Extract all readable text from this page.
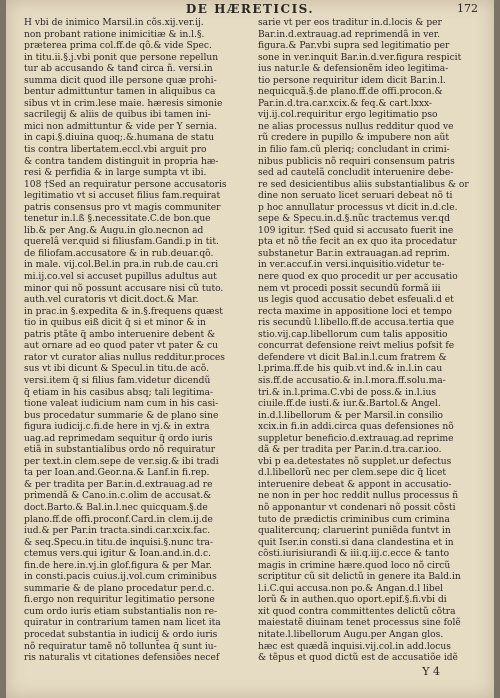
DE HÆRETICIS.	172
H vbi de inimico Marsil.in cõs.xij.ver.ij.
non probant ratione inimicitiæ & in.l.§.
præterea prima col.ff.de qõ.& vide Spec.
in titu.ii.§.j.vbi ponit que persone repellun
tur ab accusando & tanđ circa ñ. versi.in
summa dicit quod ille persone quæ prohi-
bentur admittuntur tamen in aliquibus ca
sibus vt in crim.lese maie. hæresis simonie
sacrilegij & aliis de quibus ibi tamen ini-
mici non admittuntur & vide per Y sernia.
in capi.§.diuina quoq;.&.humana de statu
tis contra libertatem.eccl.vbi arguit pro
& contra tandem distinguit in propria hæ-
resi & perfidia & in large sumpta vt ibi.
108 †Sed an requiratur persone accusatoris
legitimatio vt si accuset filius fam.requirat
patris consensus pro vt magis communiter
tenetur in.l.ß §.necessitate.C.de bon.que
lib.& per Ang.& Augu.in glo.necnon ad
querelâ ver.quid si filiusfam.Gandi.p in tit.
de filiofam.accusatore & in rub.deuar.qõ.
in male. vij.col.Bel.in pra.in rub.de cau.cri
mi.ij.co.vel si accuset pupillus adultus aut
minor qui nõ possunt accusare nisi cũ tuto.
auth.vel curatoris vt dicit.doct.& Mar.
in prac.in §.expedita & in.§.frequens quæst
tio in quibus eiß dicit q̃ si et minor & in
patris ptãte q̃ ambo interuenire debent &
aut ornare ad eo quod pater vt pater & cu
rator vt curator alias nullus redditur.proces
sus vt ibi dicunt & Specul.in titu.de acõ.
versi.item q̃ si filius fam.videtur dicendũ
q̃ etiam in his casibus absq; tali legitima-
tione valeat iudicium nam cum in his casi-
bus procedatur summarie & de plano sine
figura iudicij.c.fi.de here in vj.& in extra
uag.ad reprimedam sequitur q̃ ordo iuris
etiã in substantialibus ordo nõ requiratur
per text.in clem.sepe de ver.sig.& ibi tradi
ta per Ioan.and.Geor.na.& Lanf.in fi.rep.
& per tradita per Bar.in.d.extrauag.ad re
primendã & Cano.in.c.olim de accusat.&
doct.Barto.& Bal.in.l.nec quicquam.§.de
plano.ff.de offi.proconf.Card.in clem.ij.de
iud.& per Par.in tracta.sindi.car.xcix.fac.
& seq.Specu.in titu.de inquisi.§.nunc tra-
ctemus vers.qui igitur & Ioan.and.in.d.c.
fin.de here.in.vj.in glof.figura & per Mar.
in consti.pacis cuius.ij.vol.cum criminibus
summarie & de plano procedatur per.d.c.
fi.ergo non requiritur legitimatio persone
cum ordo iuris etiam substantialis non re-
quiratur in contrarium tamen nam licet ita
procedat substantia in iudicij & ordo iuris
nõ requiratur tamẽ nõ tollunt̃ea q̃ sunt iu-
ris naturalis vt citationes defensiões necef
sarie vt per eos traditur in.d.locis & per
Bar.in.d.extrauag.ad reprimendã in ver.
figura.& Par.vbi supra sed legitimatio per
sone in ver.inquit Bar.in.d.ver.figura respicit
ius natur.le & defensionẽm ideo legitima-
tio persone requiritur idem dicit Bar.in.l.
nequicquã.§.de plano.ff.de offi.procon.&
Par.in.d.tra.car.xcix.& feq.& cart.lxxx-
vij.ij.col.requiritur ergo legitimatio pso
ne alias processus nullus redditur quod ve
rũ credere in pupillo & impubere non aũt
in filio fam.cũ pleriq; concludant in crimi-
nibus publicis nõ requiri consensum patris
sed ad cautelã concludit interuenire debe-
re sed desicientibus aliis substantialibus & or
dine non seruato licet seruari debeat nõ ti
p hoc annullatur processus vt dicit in.d.cle.
sepe & Specu.in.d.§.nũc tractemus ver.qd
109 igitur. †Sed quid si accusato fuerit ine
pta et nõ tñe fecit an ex quo ita procedatur
substanetur Bar.in extrauagan.ad reprim.
in ver.accuf.in versi.inquisitio.videtur te-
nere quod ex quo procedit ur per accusatio
nem vt procedi possit secundũ formã iii
us legis quod accusatio debet esfeuali.d et
recta maxime in appositione loci et tempo
ris secundũ l.libello.ff.de accusa.tertia que
stio.vij.cap.libellorum cum talis appositio
concurrat defensione reivt melius pofsit fe
defendere vt dicit Bal.in.l.cum fratrem &
l.prima.ff.de his quib.vt ind.& in.l.in cau
sis.ff.de accusatio.& in.l.mora.ff.solu.ma-
tri.& in.l.prima.C.vbi de poss.& in.l.ius
ciuile.ff.de iusti.& iur.&.Bartol.& Angel.
in.d.l.libellorum & per Marsil.in consilio
xcix.in fi.in addi.circa quas defensiones nõ
suppletur beneficio.d.extrauag.ad reprime
dã & per tradita per Par.in.d.tra.car.ioo.
vbi p ea.detestates nõ supplet.ur defectus
d.l.libellorũ nec per clem.sepe dic q̃ licet
interuenire debeat & appont in accusatio-
ne non in per hoc reddit nullus processus ñ
nõ apponantur vt condenari nõ possit cõsti
tuto de prædictis criminibus cum crimina
qualitercunq; claruerint puniẽda funtvt in
quit Iser.in consti.si dana clandestina et in
cõsti.iurisiurandi & iii.q.iij.c.ecce & tanto
magis in crimine hære.quod loco nõ circũ
scriptitur cũ sit delictũ in genere ita Bald.in
l.i.C.qui accusa.non po.& Angan.d.l libel
lorũ & in authen.quo oport.epif.§.fi.vbi di
xit quod contra committentes delictũ cõtra
maiestatẽ diuinam tenet processus sine folẽ
nitate.l.libellorum Augu.per Angan glos.
hæc est quædã inquisi.vij.col.in add.locus
& tẽpus et quod dictũ est de accusatiõe idẽ
Y 4
